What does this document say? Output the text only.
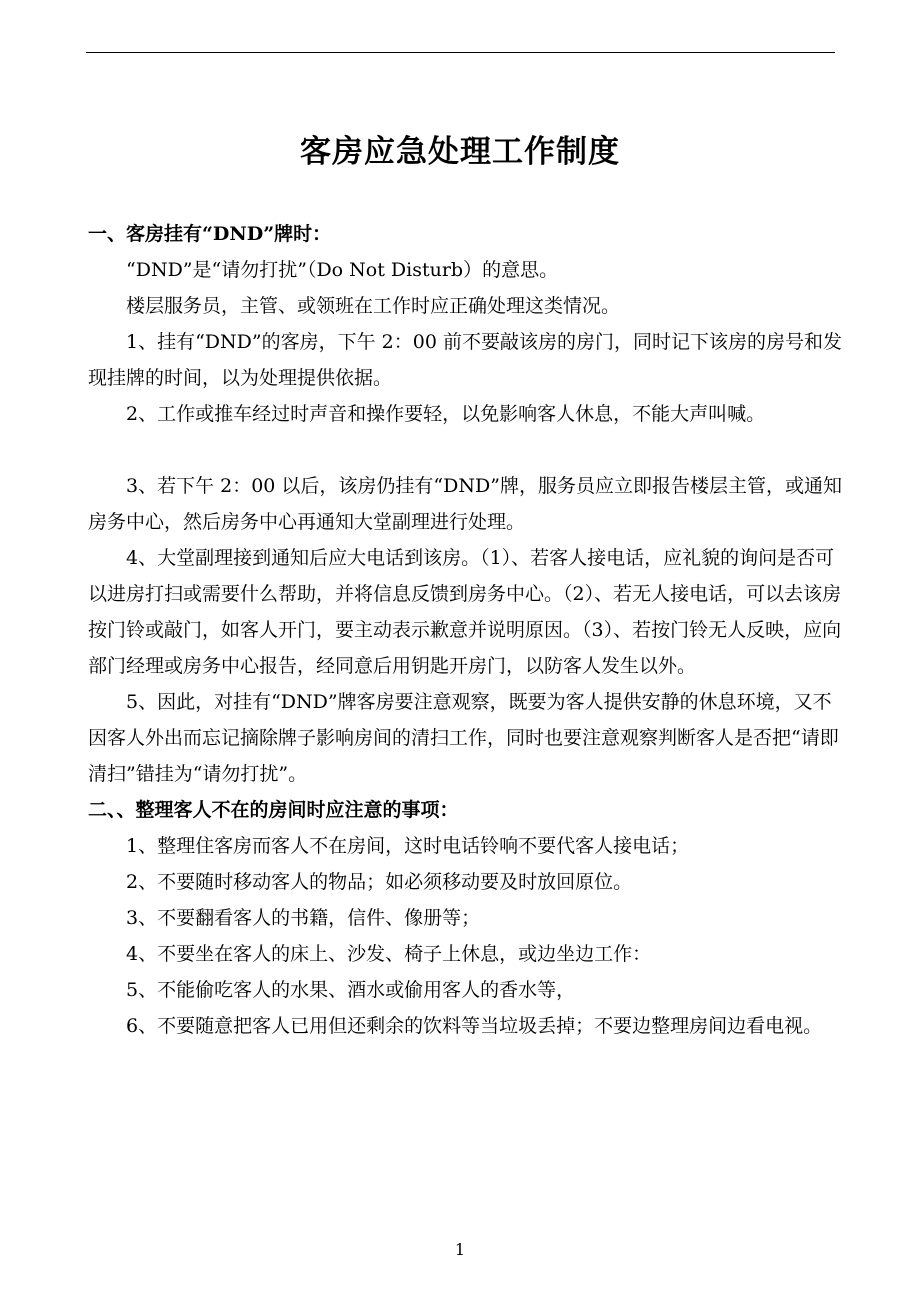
客房应急处理工作制度

一、客房挂有“DND”牌时：

“DND”是“请勿打扰”（Do Not Disturb）的意思。

楼层服务员，主管、或领班在工作时应正确处理这类情况。

1、挂有“DND”的客房，下午 2：00 前不要敲该房的房门，同时记下该房的房号和发现挂牌的时间，以为处理提供依据。

2、工作或推车经过时声音和操作要轻，以免影响客人休息，不能大声叫喊。

3、若下午 2：00 以后，该房仍挂有“DND”牌，服务员应立即报告楼层主管，或通知房务中心，然后房务中心再通知大堂副理进行处理。

4、大堂副理接到通知后应大电话到该房。（1）、若客人接电话，应礼貌的询问是否可以进房打扫或需要什么帮助，并将信息反馈到房务中心。（2）、若无人接电话，可以去该房按门铃或敲门，如客人开门，要主动表示歉意并说明原因。（3）、若按门铃无人反映，应向部门经理或房务中心报告，经同意后用钥匙开房门，以防客人发生以外。

5、因此，对挂有“DND”牌客房要注意观察，既要为客人提供安静的休息环境，又不因客人外出而忘记摘除牌子影响房间的清扫工作，同时也要注意观察判断客人是否把“请即清扫”错挂为“请勿打扰”。

二、、整理客人不在的房间时应注意的事项：

1、整理住客房而客人不在房间，这时电话铃响不要代客人接电话；

2、不要随时移动客人的物品；如必须移动要及时放回原位。

3、不要翻看客人的书籍，信件、像册等；

4、不要坐在客人的床上、沙发、椅子上休息，或边坐边工作：

5、不能偷吃客人的水果、酒水或偷用客人的香水等，

6、不要随意把客人已用但还剩余的饮料等当垃圾丢掉；不要边整理房间边看电视。

1
